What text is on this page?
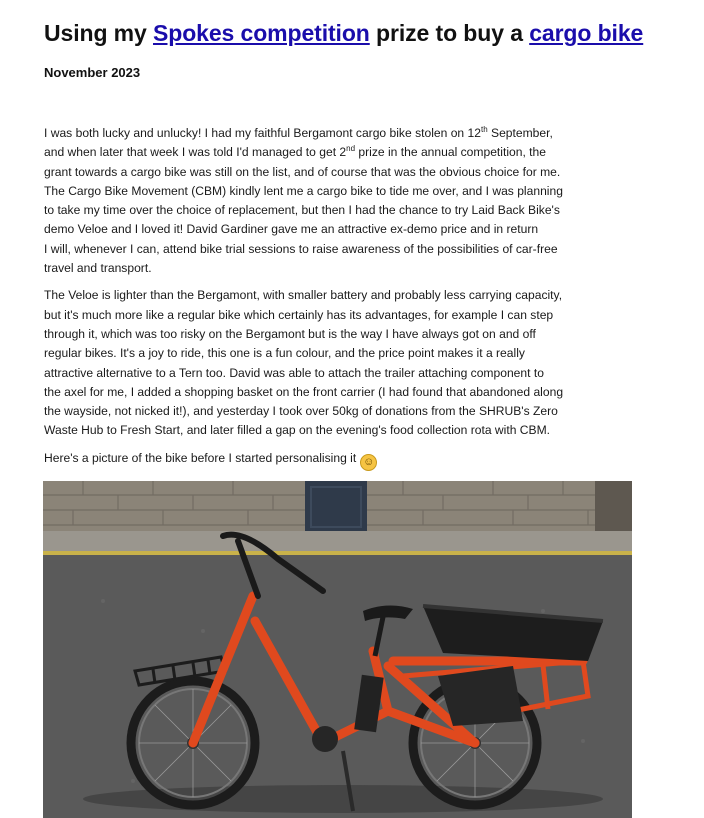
Using my Spokes competition prize to buy a cargo bike

November 2023

I was both lucky and unlucky! I had my faithful Bergamont cargo bike stolen on 12th September,
and when later that week I was told I'd managed to get 2nd prize in the annual competition, the
grant towards a cargo bike was still on the list, and of course that was the obvious choice for me.
The Cargo Bike Movement (CBM) kindly lent me a cargo bike to tide me over, and I was planning
to take my time over the choice of replacement, but then I had the chance to try Laid Back Bike's
demo Veloe and I loved it! David Gardiner gave me an attractive ex-demo price and in return
I will, whenever I can, attend bike trial sessions to raise awareness of the possibilities of car-free
travel and transport.

The Veloe is lighter than the Bergamont, with smaller battery and probably less carrying capacity,
but it's much more like a regular bike which certainly has its advantages, for example I can step
through it, which was too risky on the Bergamont but is the way I have always got on and off
regular bikes. It's a joy to ride, this one is a fun colour, and the price point makes it a really
attractive alternative to a Tern too. David was able to attach the trailer attaching component to
the axel for me, I added a shopping basket on the front carrier (I had found that abandoned along
the wayside, not nicked it!), and yesterday I took over 50kg of donations from the SHRUB's Zero
Waste Hub to Fresh Start, and later filled a gap on the evening's food collection rota with CBM.

Here's a picture of the bike before I started personalising it ☺
